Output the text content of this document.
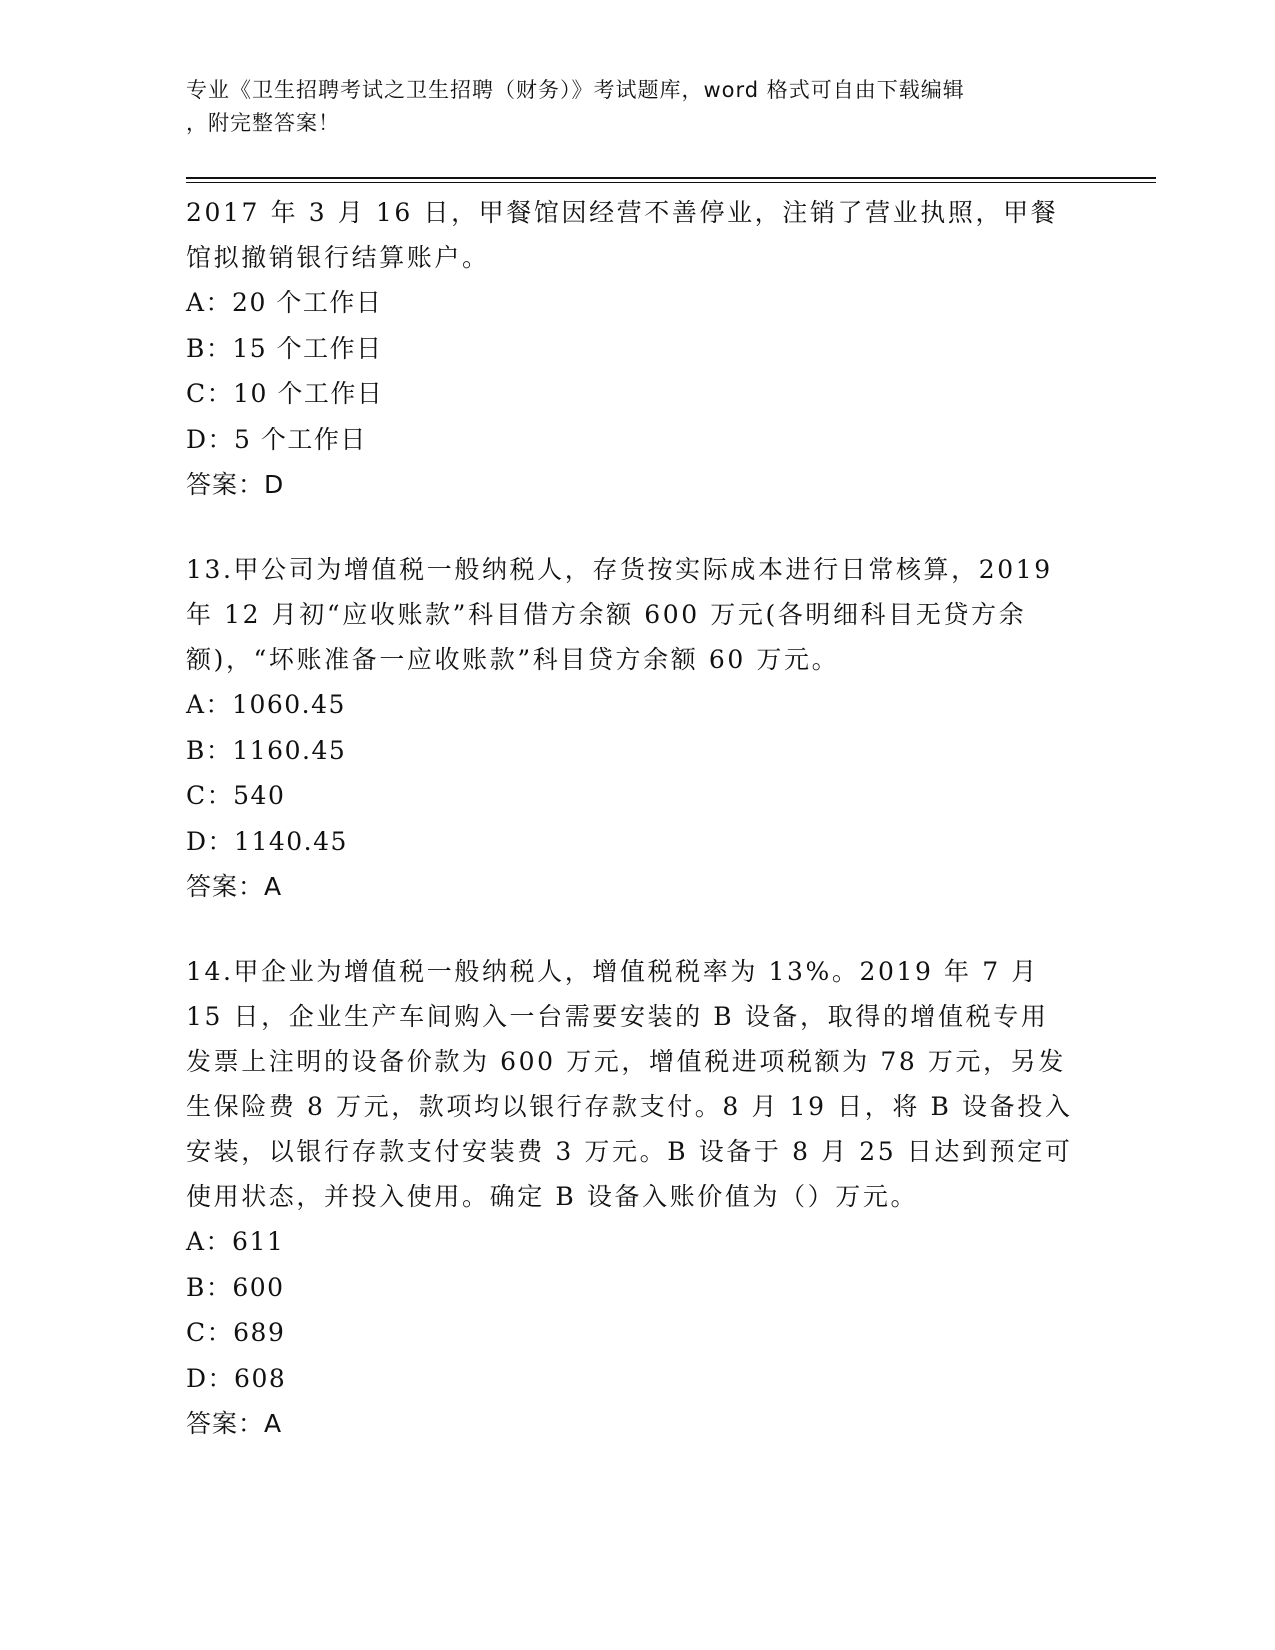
专业《卫生招聘考试之卫生招聘（财务）》考试题库，word 格式可自由下载编辑
，附完整答案！

2017 年 3 月 16 日，甲餐馆因经营不善停业，注销了营业执照，甲餐馆拟撤销银行结算账户。

A：20 个工作日

B：15 个工作日

C：10 个工作日

D：5 个工作日

答案：D

13.甲公司为增值税一般纳税人，存货按实际成本进行日常核算，2019 年 12 月初“应收账款”科目借方余额 600 万元(各明细科目无贷方余额)，“坏账准备一应收账款”科目贷方余额 60 万元。

A：1060.45

B：1160.45

C：540

D：1140.45

答案：A

14.甲企业为增值税一般纳税人，增值税税率为 13%。2019 年 7 月 15 日，企业生产车间购入一台需要安装的 B 设备，取得的增值税专用发票上注明的设备价款为 600 万元，增值税进项税额为 78 万元，另发生保险费 8 万元，款项均以银行存款支付。8 月 19 日，将 B 设备投入安装，以银行存款支付安装费 3 万元。B 设备于 8 月 25 日达到预定可使用状态，并投入使用。确定 B 设备入账价值为（）万元。

A：611

B：600

C：689

D：608

答案：A
